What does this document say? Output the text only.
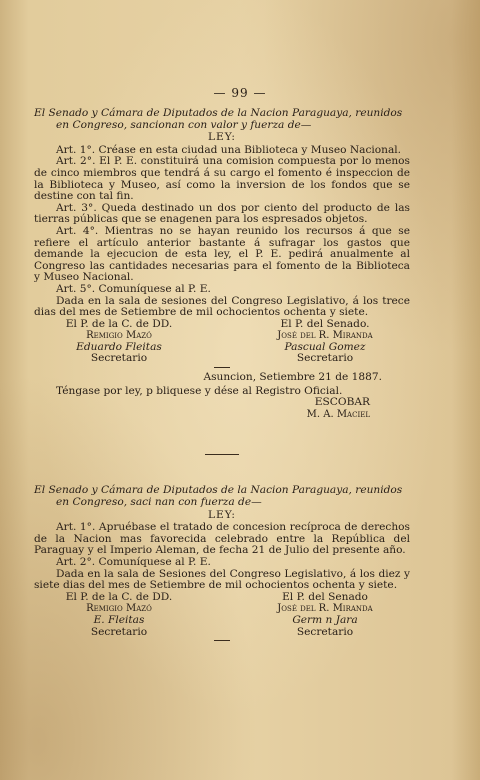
— 99 —
El Senado y Cámara de Diputados de la Nacion Paraguaya, reunidos
en Congreso, sancionan con valor y fuerza de—
LEY:

Art. 1°. Créase en esta ciudad una Biblioteca y Museo Nacional.

Art. 2°. El P. E. constituirá una comision compuesta por lo menos de cinco miembros que tendrá á su cargo el fomento é inspeccion de la Biblioteca y Museo, así como la inversion de los fondos que se destine con tal fin.

Art. 3°. Queda destinado un dos por ciento del producto de las tierras públicas que se enagenen para los espresados objetos.

Art. 4°. Mientras no se hayan reunido los recursos á que se refiere el artículo anterior bastante á sufragar los gastos que demande la ejecucion de esta ley, el P. E. pedirá anualmente al Congreso las cantidades necesarias para el fomento de la Biblioteca y Museo Nacional.

Art. 5°. Comuníquese al P. E.

Dada en la sala de sesiones del Congreso Legislativo, á los trece dias del mes de Setiembre de mil ochocientos ochenta y siete.

El P. de la C. de DD.
Remigio Mazó
Eduardo Fleitas
Secretario
El P. del Senado.
José del R. Miranda
Pascual Gomez
Secretario
Asuncion, Setiembre 21 de 1887.

Téngase por ley, p bliquese y dése al Registro Oficial.

ESCOBAR
M. A. Maciel
El Senado y Cámara de Diputados de la Nacion Paraguaya, reunidos
en Congreso, saci nan con fuerza de—
LEY:

Art. 1°. Apruébase el tratado de concesion recíproca de derechos de la Nacion mas favorecida celebrado entre la República del Paraguay y el Imperio Aleman, de fecha 21 de Julio del presente año.

Art. 2°. Comuníquese al P. E.

Dada en la sala de Sesiones del Congreso Legislativo, á los diez y siete dias del mes de Setiembre de mil ochocientos ochenta y siete.

El P. de la C. de DD.
Remigio Mazó
E. Fleitas
Secretario
El P. del Senado
José del R. Miranda
Germ n Jara
Secretario
